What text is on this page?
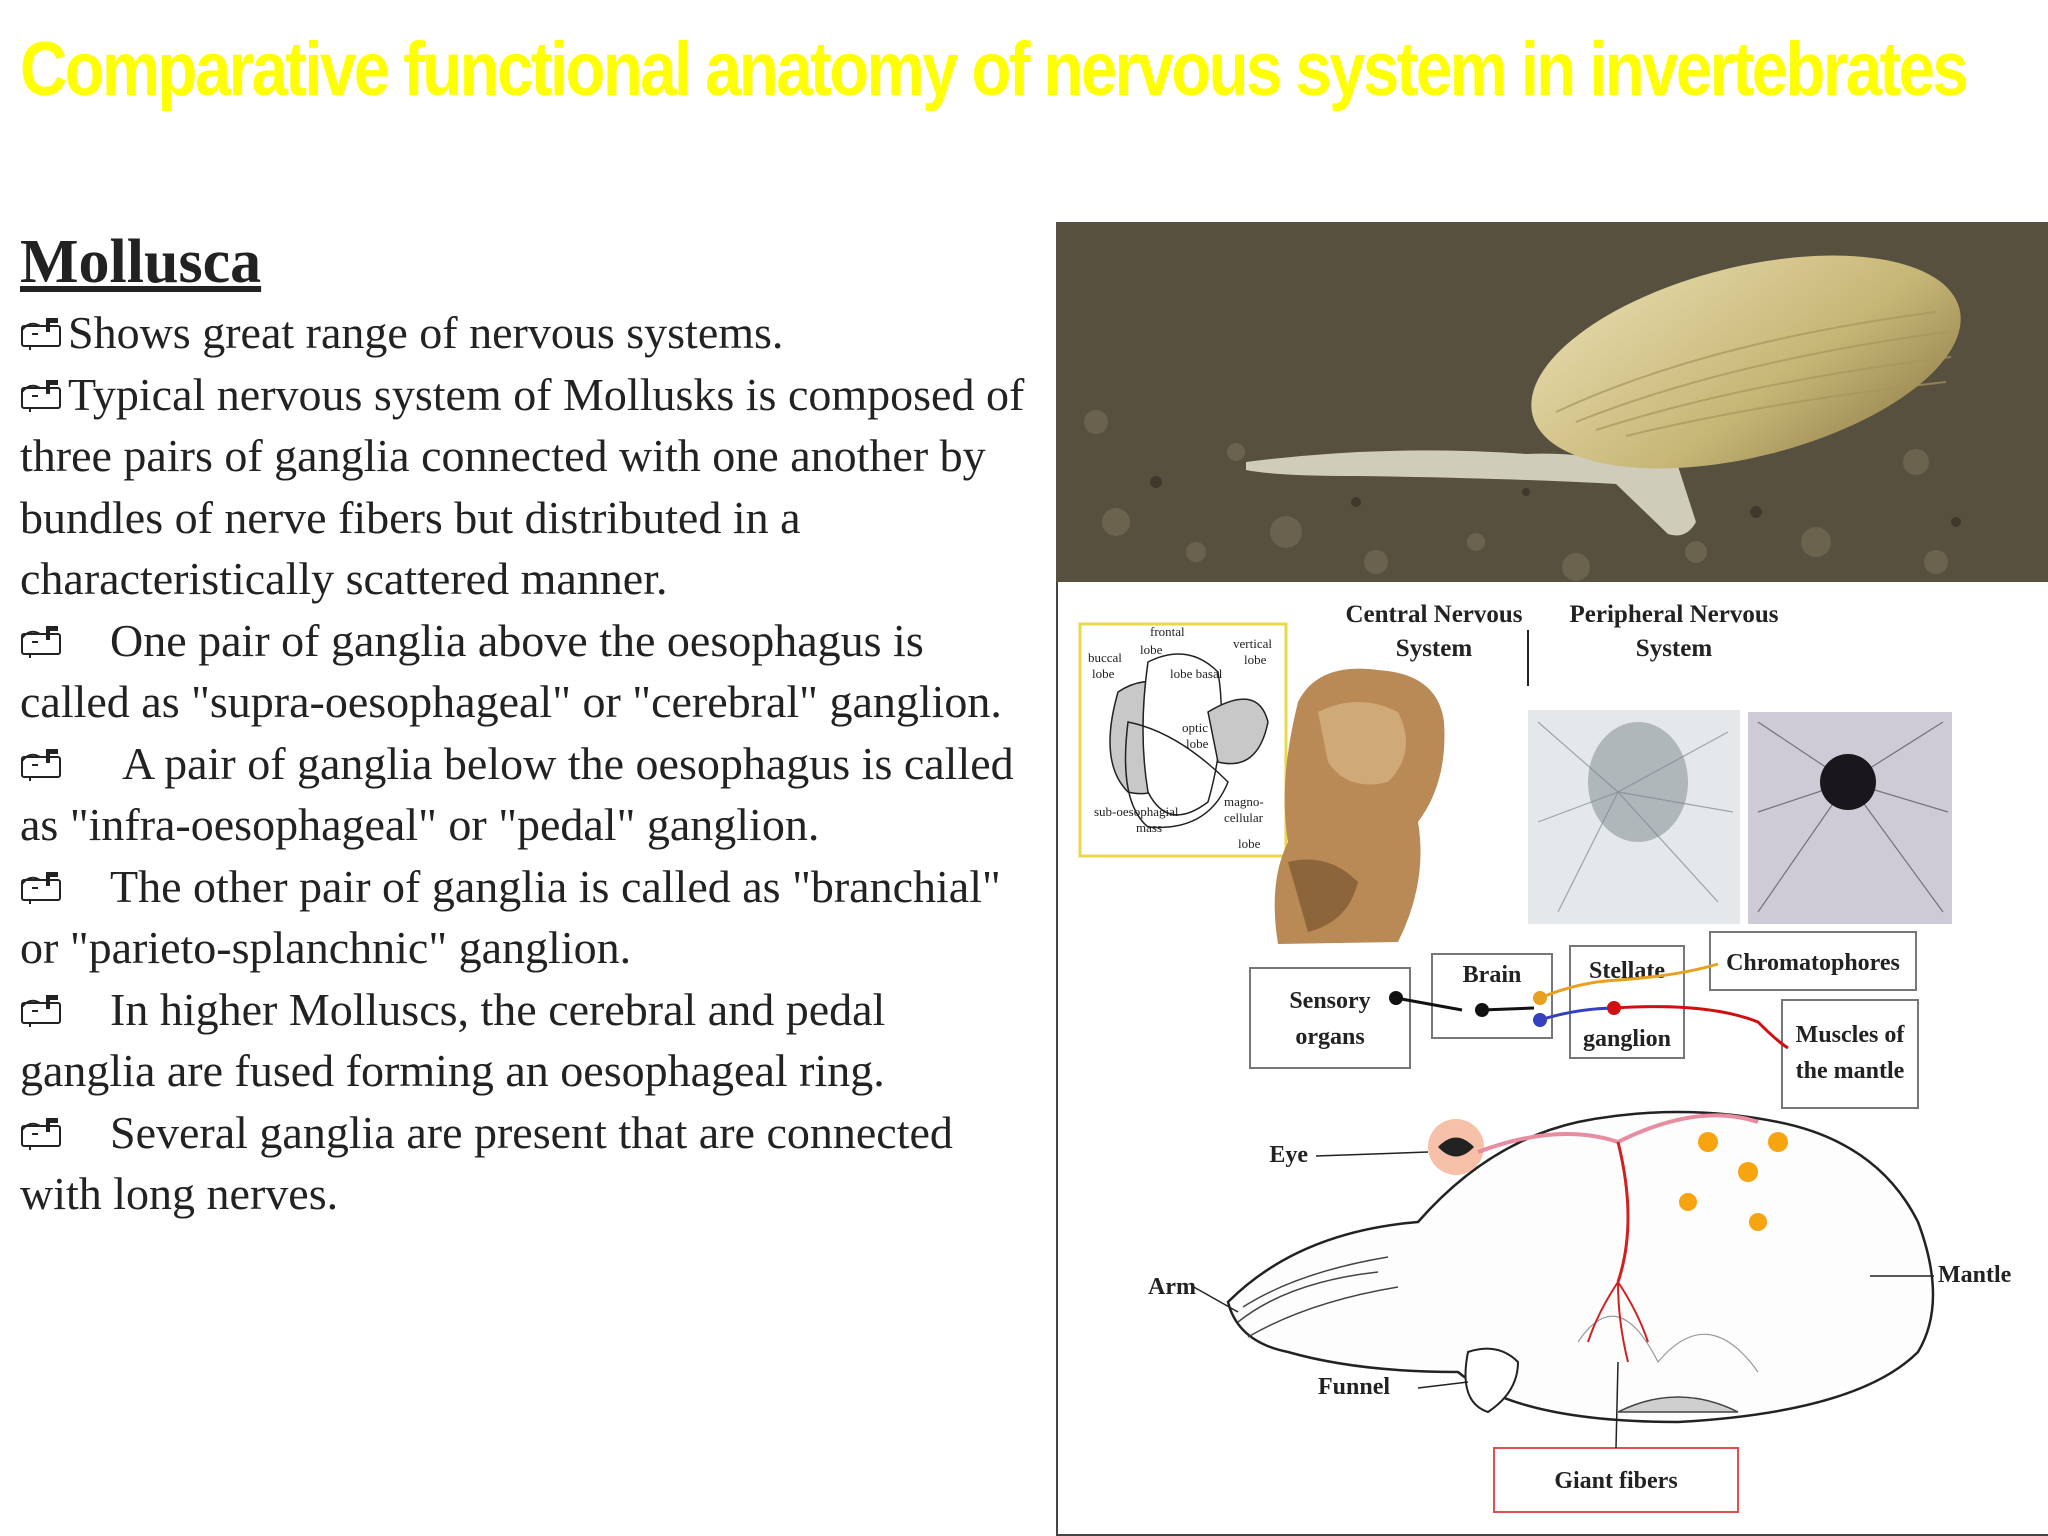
Comparative functional anatomy of nervous system in invertebrates
Mollusca

Shows great range of nervous systems.

Typical nervous system of Mollusks is composed of three pairs of ganglia connected with one another by bundles of nerve fibers but distributed in a characteristically scattered manner.

One pair of ganglia above the oesophagus is called as "supra-oesophageal" or "cerebral" ganglion.

A pair of ganglia below the oesophagus is called as "infra-oesophageal" or "pedal" ganglion.

The other pair of ganglia is called as "branchial" or "parieto-splanchnic" ganglion.

In higher Molluscs, the cerebral and pedal ganglia are fused forming an oesophageal ring.

Several ganglia are present that are connected with long nerves.

Central Nervous
System
Peripheral Nervous
System
frontal
buccal
lobe
lobe
vertical
lobe
lobe basal
optic
lobe
sub-oesophagial
mass
magno-
cellular
lobe
Sensory
organs
Brain	Stellate
ganglion
Chromatophores
Muscles of
the mantle
Eye
Arm
Funnel
Mantle
Giant fibers
